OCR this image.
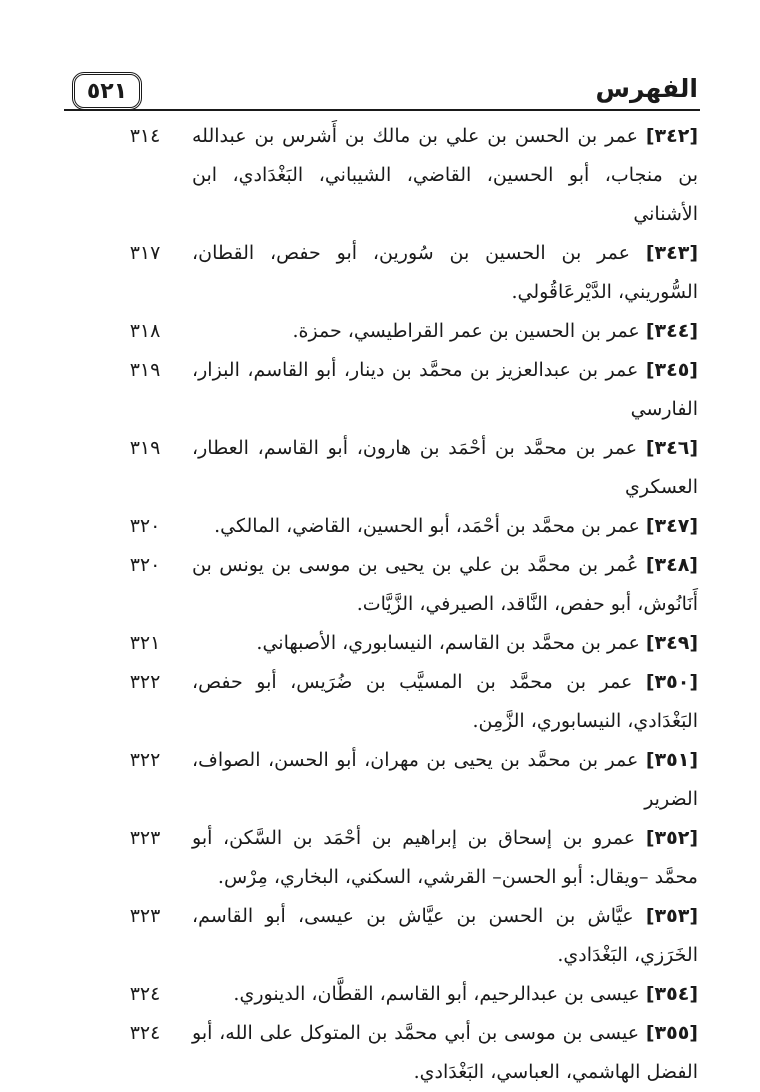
الفهرس
٥٢١
٣١٤	[٣٤٢] عمر بن الحسن بن علي بن مالك بن أَشرس بن عبدالله بن منجاب، أبو الحسين، القاضي، الشيباني، البَغْدَادي، ابن الأشناني
٣١٧	[٣٤٣] عمر بن الحسين بن سُورين، أبو حفص، القطان، السُّوريني، الدَّيْرعَاقُولي.
٣١٨	[٣٤٤] عمر بن الحسين بن عمر القراطيسي، حمزة.
٣١٩	[٣٤٥] عمر بن عبدالعزيز بن محمَّد بن دينار، أبو القاسم، البزار، الفارسي
٣١٩	[٣٤٦] عمر بن محمَّد بن أحْمَد بن هارون، أبو القاسم، العطار، العسكري
٣٢٠	[٣٤٧] عمر بن محمَّد بن أحْمَد، أبو الحسين، القاضي، المالكي.
٣٢٠	[٣٤٨] عُمر بن محمَّد بن علي بن يحيى بن موسى بن يونس بن أَنَانُوش، أبو حفص، النَّاقد، الصيرفي، الزَّيَّات.
٣٢١	[٣٤٩] عمر بن محمَّد بن القاسم، النيسابوري، الأصبهاني.
٣٢٢	[٣٥٠] عمر بن محمَّد بن المسيَّب بن ضُرَيس، أبو حفص، البَغْدَادي، النيسابوري، الزَّمِن.
٣٢٢	[٣٥١] عمر بن محمَّد بن يحيى بن مهران، أبو الحسن، الصواف، الضرير
٣٢٣	[٣٥٢] عمرو بن إسحاق بن إبراهيم بن أحْمَد بن السَّكن، أبو محمَّد –ويقال: أبو الحسن– القرشي، السكني، البخاري، مِرْس.
٣٢٣	[٣٥٣] عيَّاش بن الحسن بن عيَّاش بن عيسى، أبو القاسم، الخَرَزي، البَغْدَادي.
٣٢٤	[٣٥٤] عيسى بن عبدالرحيم، أبو القاسم، القطَّان، الدينوري.
٣٢٤	[٣٥٥] عيسى بن موسى بن أبي محمَّد بن المتوكل على الله، أبو الفضل الهاشمي، العباسي، البَغْدَادي.
